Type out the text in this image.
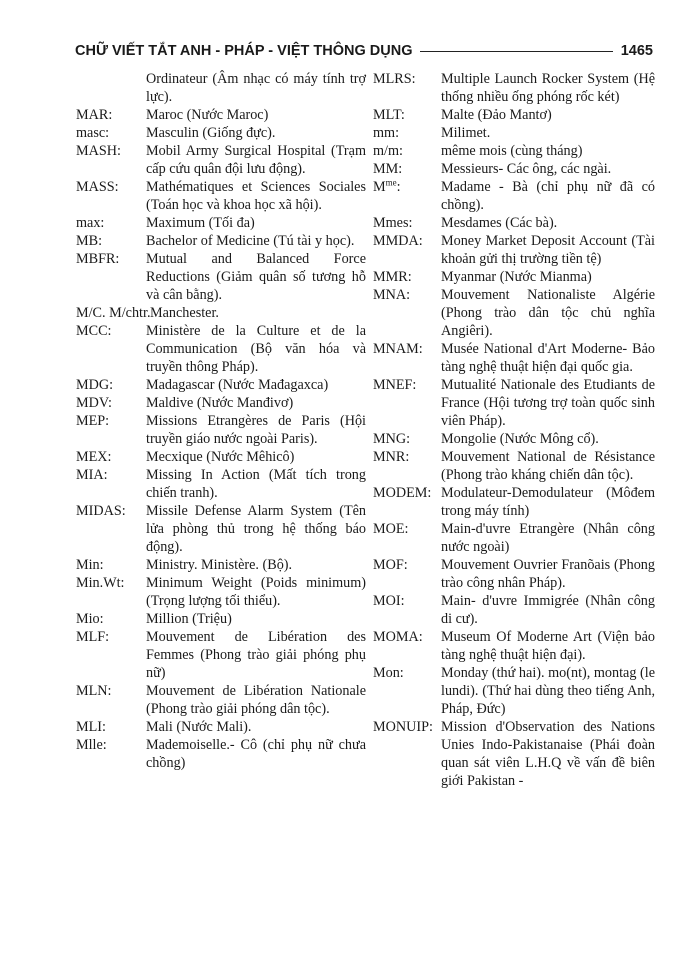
CHỮ VIẾT TẮT ANH - PHÁP - VIỆT THÔNG DỤNG	1465
Ordinateur (Âm nhạc có máy tính trợ lực).
MAR:	Maroc (Nước Maroc)
masc:	Masculin (Giống đực).
MASH:	Mobil Army Surgical Hospital (Trạm cấp cứu quân đội lưu động).
MASS:	Mathématiques et Sciences Sociales (Toán học và khoa học xã hội).
max:	Maximum (Tối đa)
MB:	Bachelor of Medicine (Tú tài y học).
MBFR:	Mutual and Balanced Force Reductions (Giảm quân số tương hỗ và cân bằng).
M/C. M/chtr. Manchester.
MCC:	Ministère de la Culture et de la Communication (Bộ văn hóa và truyền thông Pháp).
MDG:	Madagascar (Nước Mađagaxca)
MDV:	Maldive (Nước Manđivơ)
MEP:	Missions Etrangères de Paris (Hội truyền giáo nước ngoài Paris).
MEX:	Mecxique (Nước Mêhicô)
MIA:	Missing In Action (Mất tích trong chiến tranh).
MIDAS:	Missile Defense Alarm System (Tên lửa phòng thủ trong hệ thống báo động).
Min:	Ministry. Ministère. (Bộ).
Min.Wt:	Minimum Weight (Poids minimum) (Trọng lượng tối thiểu).
Mio:	Million (Triệu)
MLF:	Mouvement de Libération des Femmes (Phong trào giải phóng phụ nữ)
MLN:	Mouvement de Libération Nationale (Phong trào giải phóng dân tộc).
MLI:	Mali (Nước Mali).
Mlle:	Mademoiselle.- Cô (chỉ phụ nữ chưa chồng)
MLRS:	Multiple Launch Rocker System (Hệ thống nhiều ống phóng rốc két)
MLT:	Malte (Đảo Mantơ)
mm:	Milimet.
m/m:	même mois (cùng tháng)
MM:	Messieurs- Các ông, các ngài.
$M^{me}$:	Madame - Bà (chỉ phụ nữ đã có chồng).
Mmes:	Mesdames (Các bà).
MMDA:	Money Market Deposit Account (Tài khoản gửi thị trường tiền tệ)
MMR:	Myanmar (Nước Mianma)
MNA:	Mouvement Nationaliste Algérie (Phong trào dân tộc chủ nghĩa Angiêri).
MNAM:	Musée National d'Art Moderne- Bảo tàng nghệ thuật hiện đại quốc gia.
MNEF:	Mutualité Nationale des Etudiants de France (Hội tương trợ toàn quốc sinh viên Pháp).
MNG:	Mongolie (Nước Mông cổ).
MNR:	Mouvement National de Résistance (Phong trào kháng chiến dân tộc).
MODEM: Modulateur-Demodulateur (Môđem trong máy tính)
MOE:	Main-d'uvre Etrangère (Nhân công nước ngoài)
MOF:	Mouvement Ouvrier Franõais (Phong trào công nhân Pháp).
MOI:	Main- d'uvre Immigrée (Nhân công di cư).
MOMA:	Museum Of Moderne Art (Viện bảo tàng nghệ thuật hiện đại).
Mon:	Monday (thứ hai). mo(nt), montag (le lundi). (Thứ hai dùng theo tiếng Anh, Pháp, Đức)
MONUIP: Mission d'Observation des Nations Unies Indo-Pakistanaise (Phái đoàn quan sát viên L.H.Q về vấn đề biên giới Pakistan -
